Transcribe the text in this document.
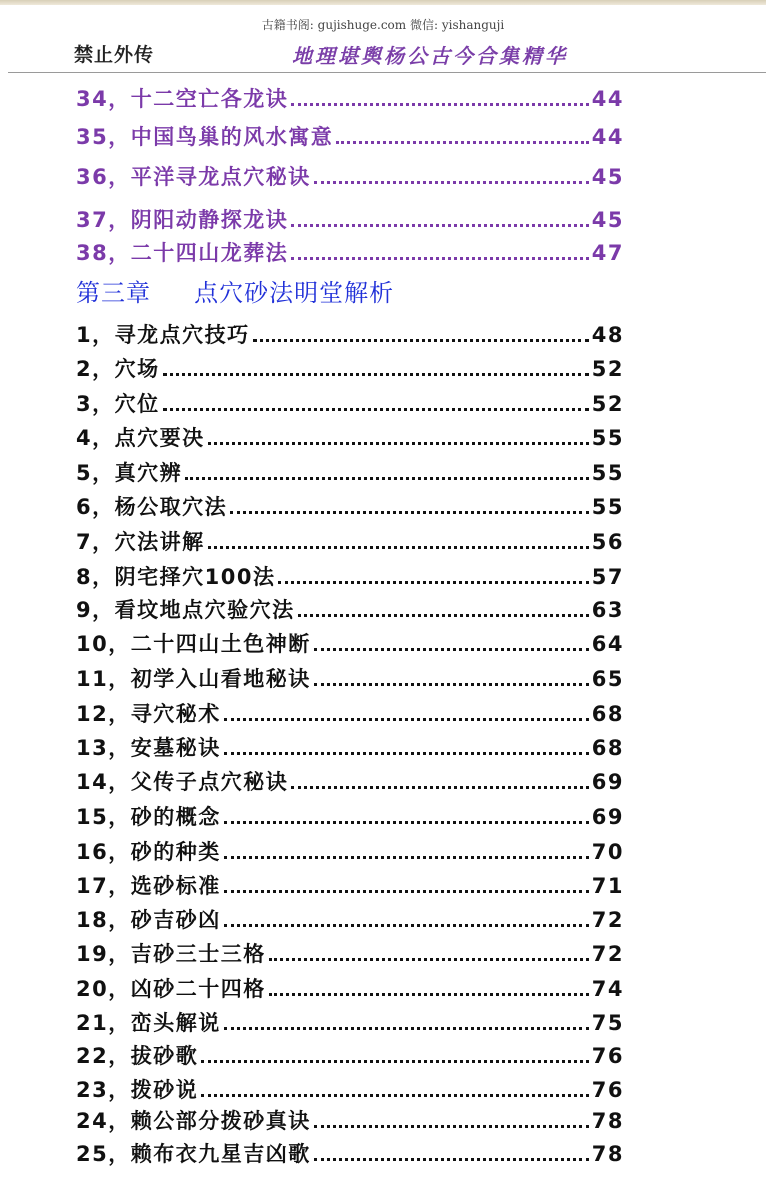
古籍书阁: gujishuge.com 微信: yishanguji
禁止外传	地理堪舆杨公古今合集精华
34，十二空亡各龙诀	44
35，中国鸟巢的风水寓意	44
36，平洋寻龙点穴秘诀	45
37，阴阳动静探龙诀	45
38，二十四山龙葬法	47
第三章     点穴砂法明堂解析
1，寻龙点穴技巧	48
2，穴场	52
3，穴位	52
4，点穴要决	55
5，真穴辨	55
6，杨公取穴法	55
7，穴法讲解	56
8，阴宅择穴100法	57
9，看坟地点穴验穴法	63
10，二十四山土色神断	64
11，初学入山看地秘诀	65
12，寻穴秘术	68
13，安墓秘诀	68
14，父传子点穴秘诀	69
15，砂的概念	69
16，砂的种类	70
17，选砂标准	71
18，砂吉砂凶	72
19，吉砂三士三格	72
20，凶砂二十四格	74
21，峦头解说	75
22，拔砂歌	76
23，拨砂说	76
24，赖公部分拨砂真诀	78
25，赖布衣九星吉凶歌	78
